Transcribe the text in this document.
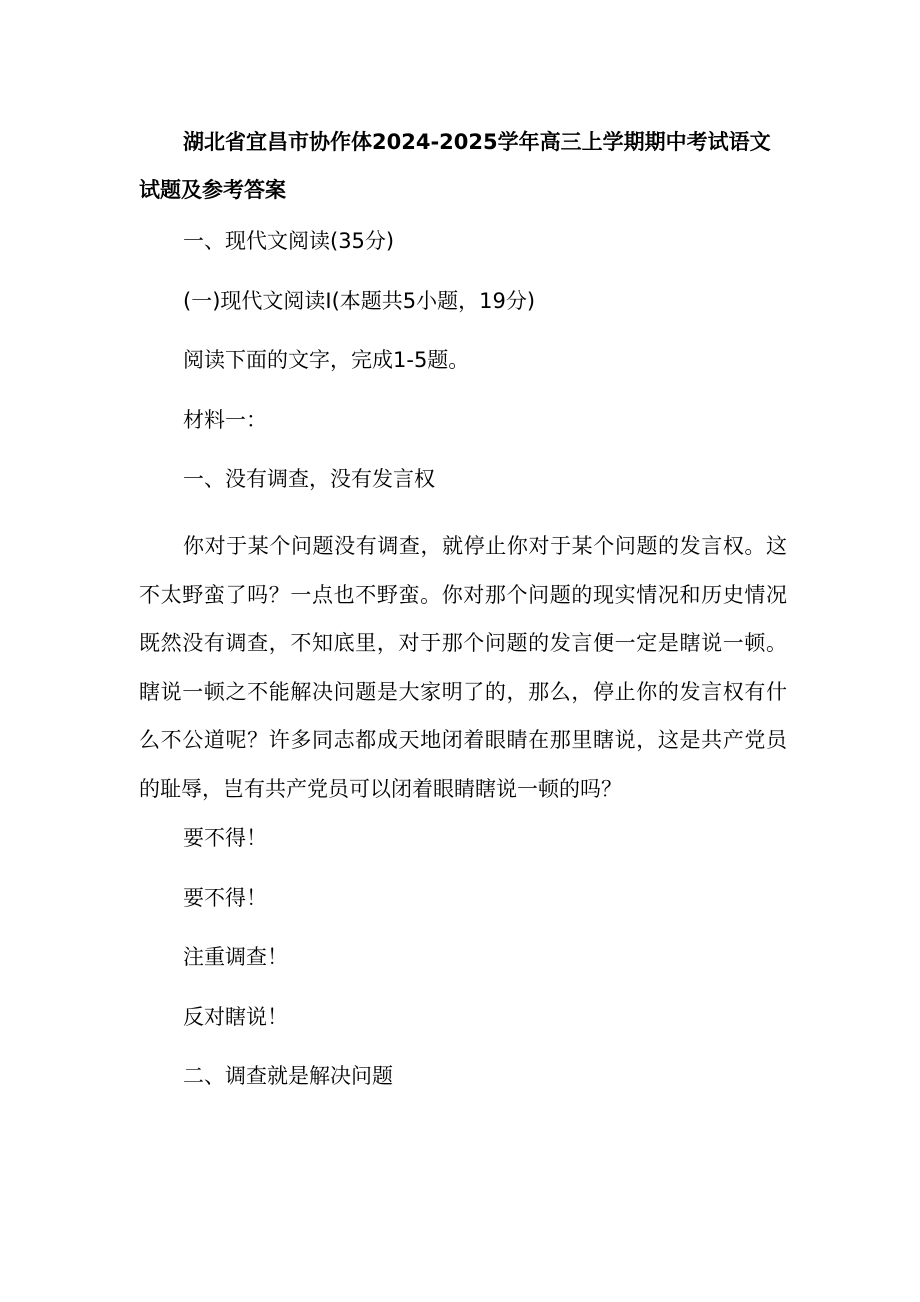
湖北省宜昌市协作体2024-2025学年高三上学期期中考试语文试题及参考答案

一、现代文阅读(35分)

(一)现代文阅读Ⅰ(本题共5小题，19分)

阅读下面的文字，完成1-5题。

材料一：

一、没有调查，没有发言权

你对于某个问题没有调查，就停止你对于某个问题的发言权。这不太野蛮了吗？一点也不野蛮。你对那个问题的现实情况和历史情况既然没有调查，不知底里，对于那个问题的发言便一定是瞎说一顿。瞎说一顿之不能解决问题是大家明了的，那么，停止你的发言权有什么不公道呢？许多同志都成天地闭着眼睛在那里瞎说，这是共产党员的耻辱，岂有共产党员可以闭着眼睛瞎说一顿的吗？

要不得！

要不得！

注重调查！

反对瞎说！

二、调查就是解决问题
